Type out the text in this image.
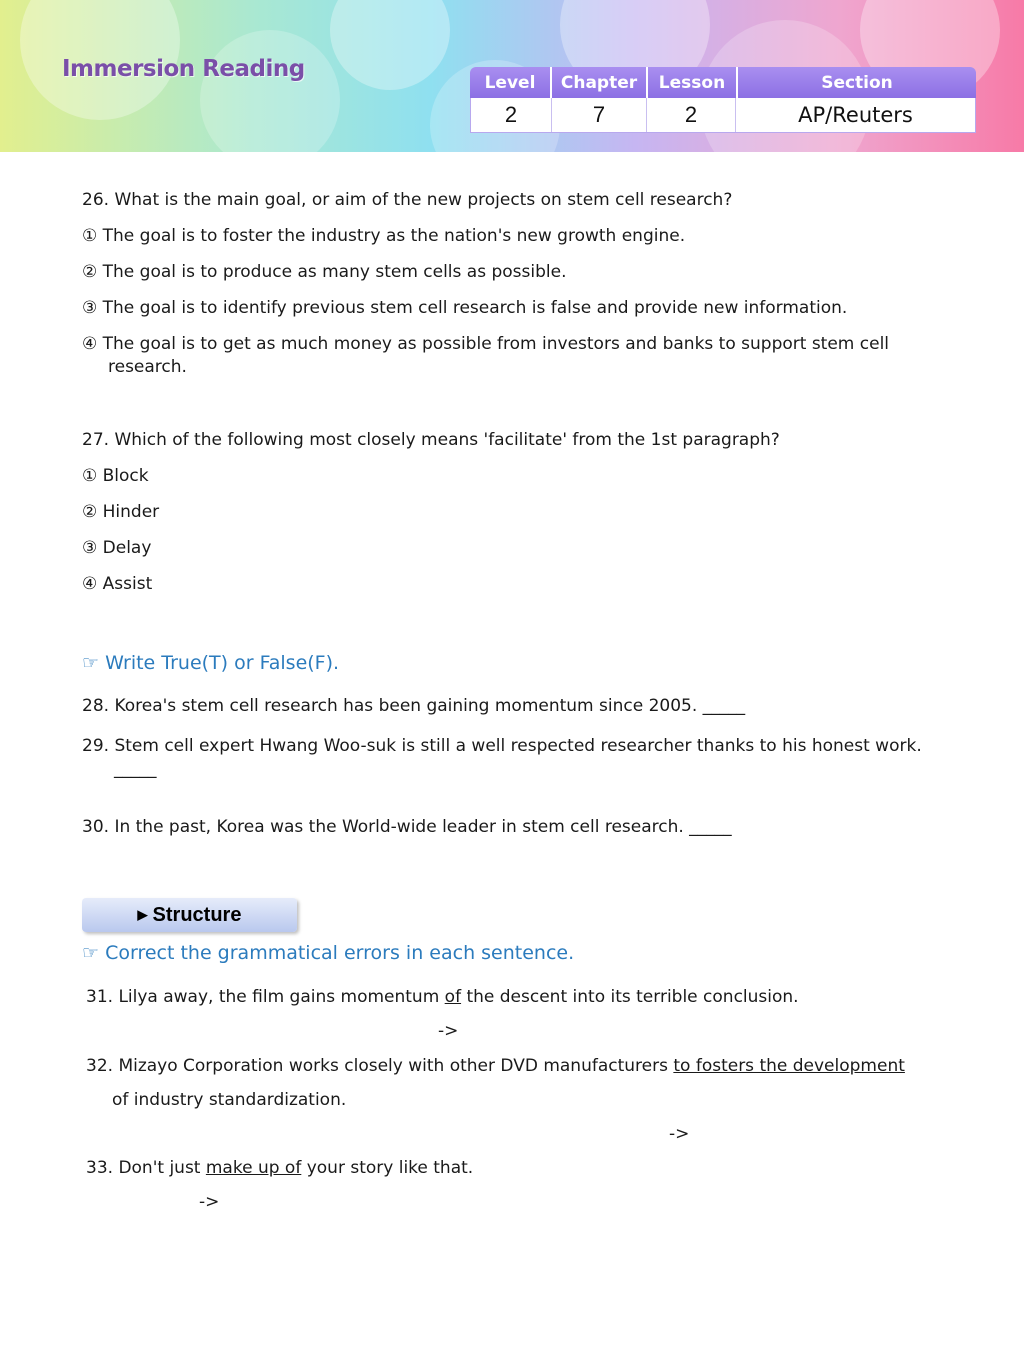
Immersion Reading
Level	Chapter	Lesson	Section
2	7	2	AP/Reuters
26. What is the main goal, or aim of the new projects on stem cell research?
① The goal is to foster the industry as the nation's new growth engine.
② The goal is to produce as many stem cells as possible.
③ The goal is to identify previous stem cell research is false and provide new information.
④ The goal is to get as much money as possible from investors and banks to support stem cell
research.
27. Which of the following most closely means 'facilitate' from the 1st paragraph?
① Block
② Hinder
③ Delay
④ Assist
☞ Write True(T) or False(F).
28. Korea's stem cell research has been gaining momentum since 2005. _____
29. Stem cell expert Hwang Woo-suk is still a well respected researcher thanks to his honest work.
_____
30. In the past, Korea was the World-wide leader in stem cell research. _____
▶ Structure
☞ Correct the grammatical errors in each sentence.
31. Lilya away, the film gains momentum of the descent into its terrible conclusion.
->
32. Mizayo Corporation works closely with other DVD manufacturers to fosters the development
of industry standardization.
->
33. Don't just make up of your story like that.
->
